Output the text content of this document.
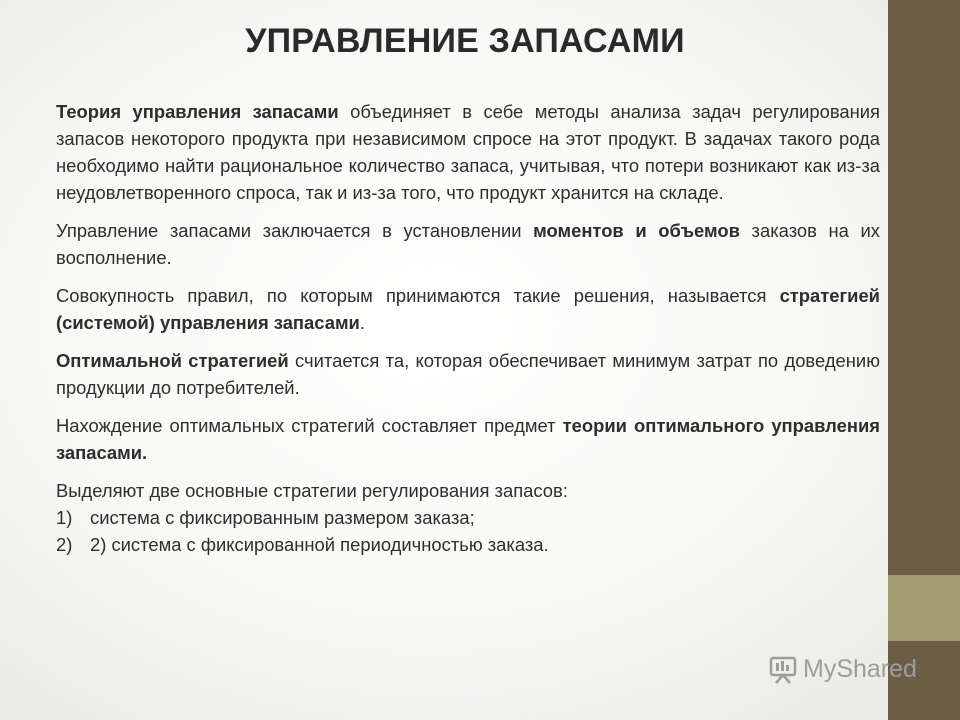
УПРАВЛЕНИЕ ЗАПАСАМИ

Теория управления запасами объединяет в себе методы анализа задач регулирования запасов некоторого продукта при независимом спросе на этот продукт. В задачах такого рода необходимо найти рациональное количество запаса, учитывая, что потери возникают как из-за неудовлетворенного спроса, так и из-за того, что продукт хранится на складе.

Управление запасами заключается в установлении моментов и объемов заказов на их восполнение.

Совокупность правил, по которым принимаются такие решения, называется стратегией (системой) управления запасами.

Оптимальной стратегией считается та, которая обеспечивает минимум затрат по доведению продукции до потребителей.

Нахождение оптимальных стратегий составляет предмет теории оптимального управления запасами.

Выделяют две основные стратегии регулирования запасов:

1) система с фиксированным размером заказа;
2) 2) система с фиксированной периодичностью заказа.
MyShared
